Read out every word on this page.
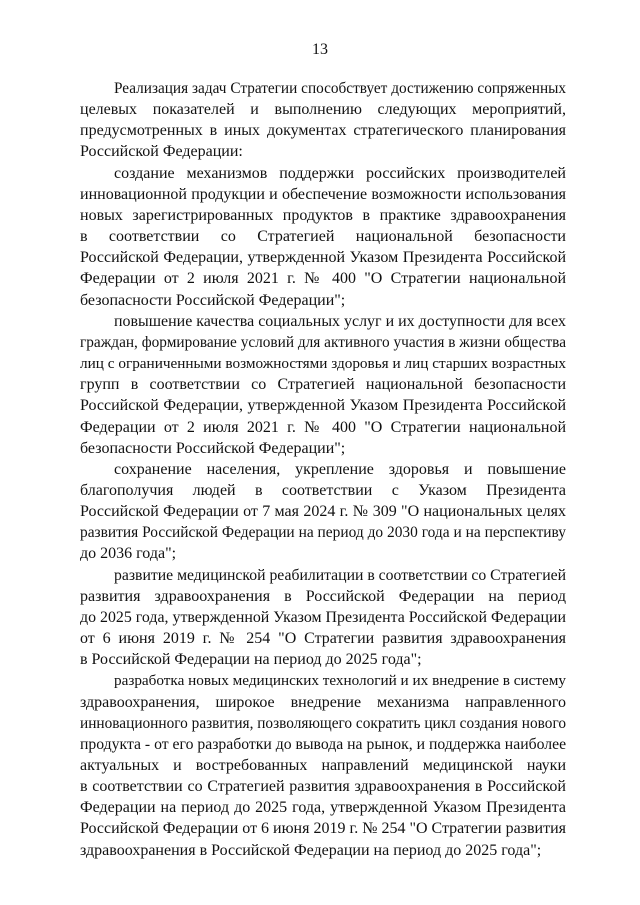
13
Реализация задач Стратегии способствует достижению сопряженных
целевых показателей и выполнению следующих мероприятий,
предусмотренных в иных документах стратегического планирования
Российской Федерации:
создание механизмов поддержки российских производителей
инновационной продукции и обеспечение возможности использования
новых зарегистрированных продуктов в практике здравоохранения
в соответствии со Стратегией национальной безопасности
Российской Федерации, утвержденной Указом Президента Российской
Федерации от 2 июля 2021 г. № 400 "О Стратегии национальной
безопасности Российской Федерации";
повышение качества социальных услуг и их доступности для всех
граждан, формирование условий для активного участия в жизни общества
лиц с ограниченными возможностями здоровья и лиц старших возрастных
групп в соответствии со Стратегией национальной безопасности
Российской Федерации, утвержденной Указом Президента Российской
Федерации от 2 июля 2021 г. № 400 "О Стратегии национальной
безопасности Российской Федерации";
сохранение населения, укрепление здоровья и повышение
благополучия людей в соответствии с Указом Президента
Российской Федерации от 7 мая 2024 г. № 309 "О национальных целях
развития Российской Федерации на период до 2030 года и на перспективу
до 2036 года";
развитие медицинской реабилитации в соответствии со Стратегией
развития здравоохранения в Российской Федерации на период
до 2025 года, утвержденной Указом Президента Российской Федерации
от 6 июня 2019 г. № 254 "О Стратегии развития здравоохранения
в Российской Федерации на период до 2025 года";
разработка новых медицинских технологий и их внедрение в систему
здравоохранения, широкое внедрение механизма направленного
инновационного развития, позволяющего сократить цикл создания нового
продукта - от его разработки до вывода на рынок, и поддержка наиболее
актуальных и востребованных направлений медицинской науки
в соответствии со Стратегией развития здравоохранения в Российской
Федерации на период до 2025 года, утвержденной Указом Президента
Российской Федерации от 6 июня 2019 г. № 254 "О Стратегии развития
здравоохранения в Российской Федерации на период до 2025 года";
